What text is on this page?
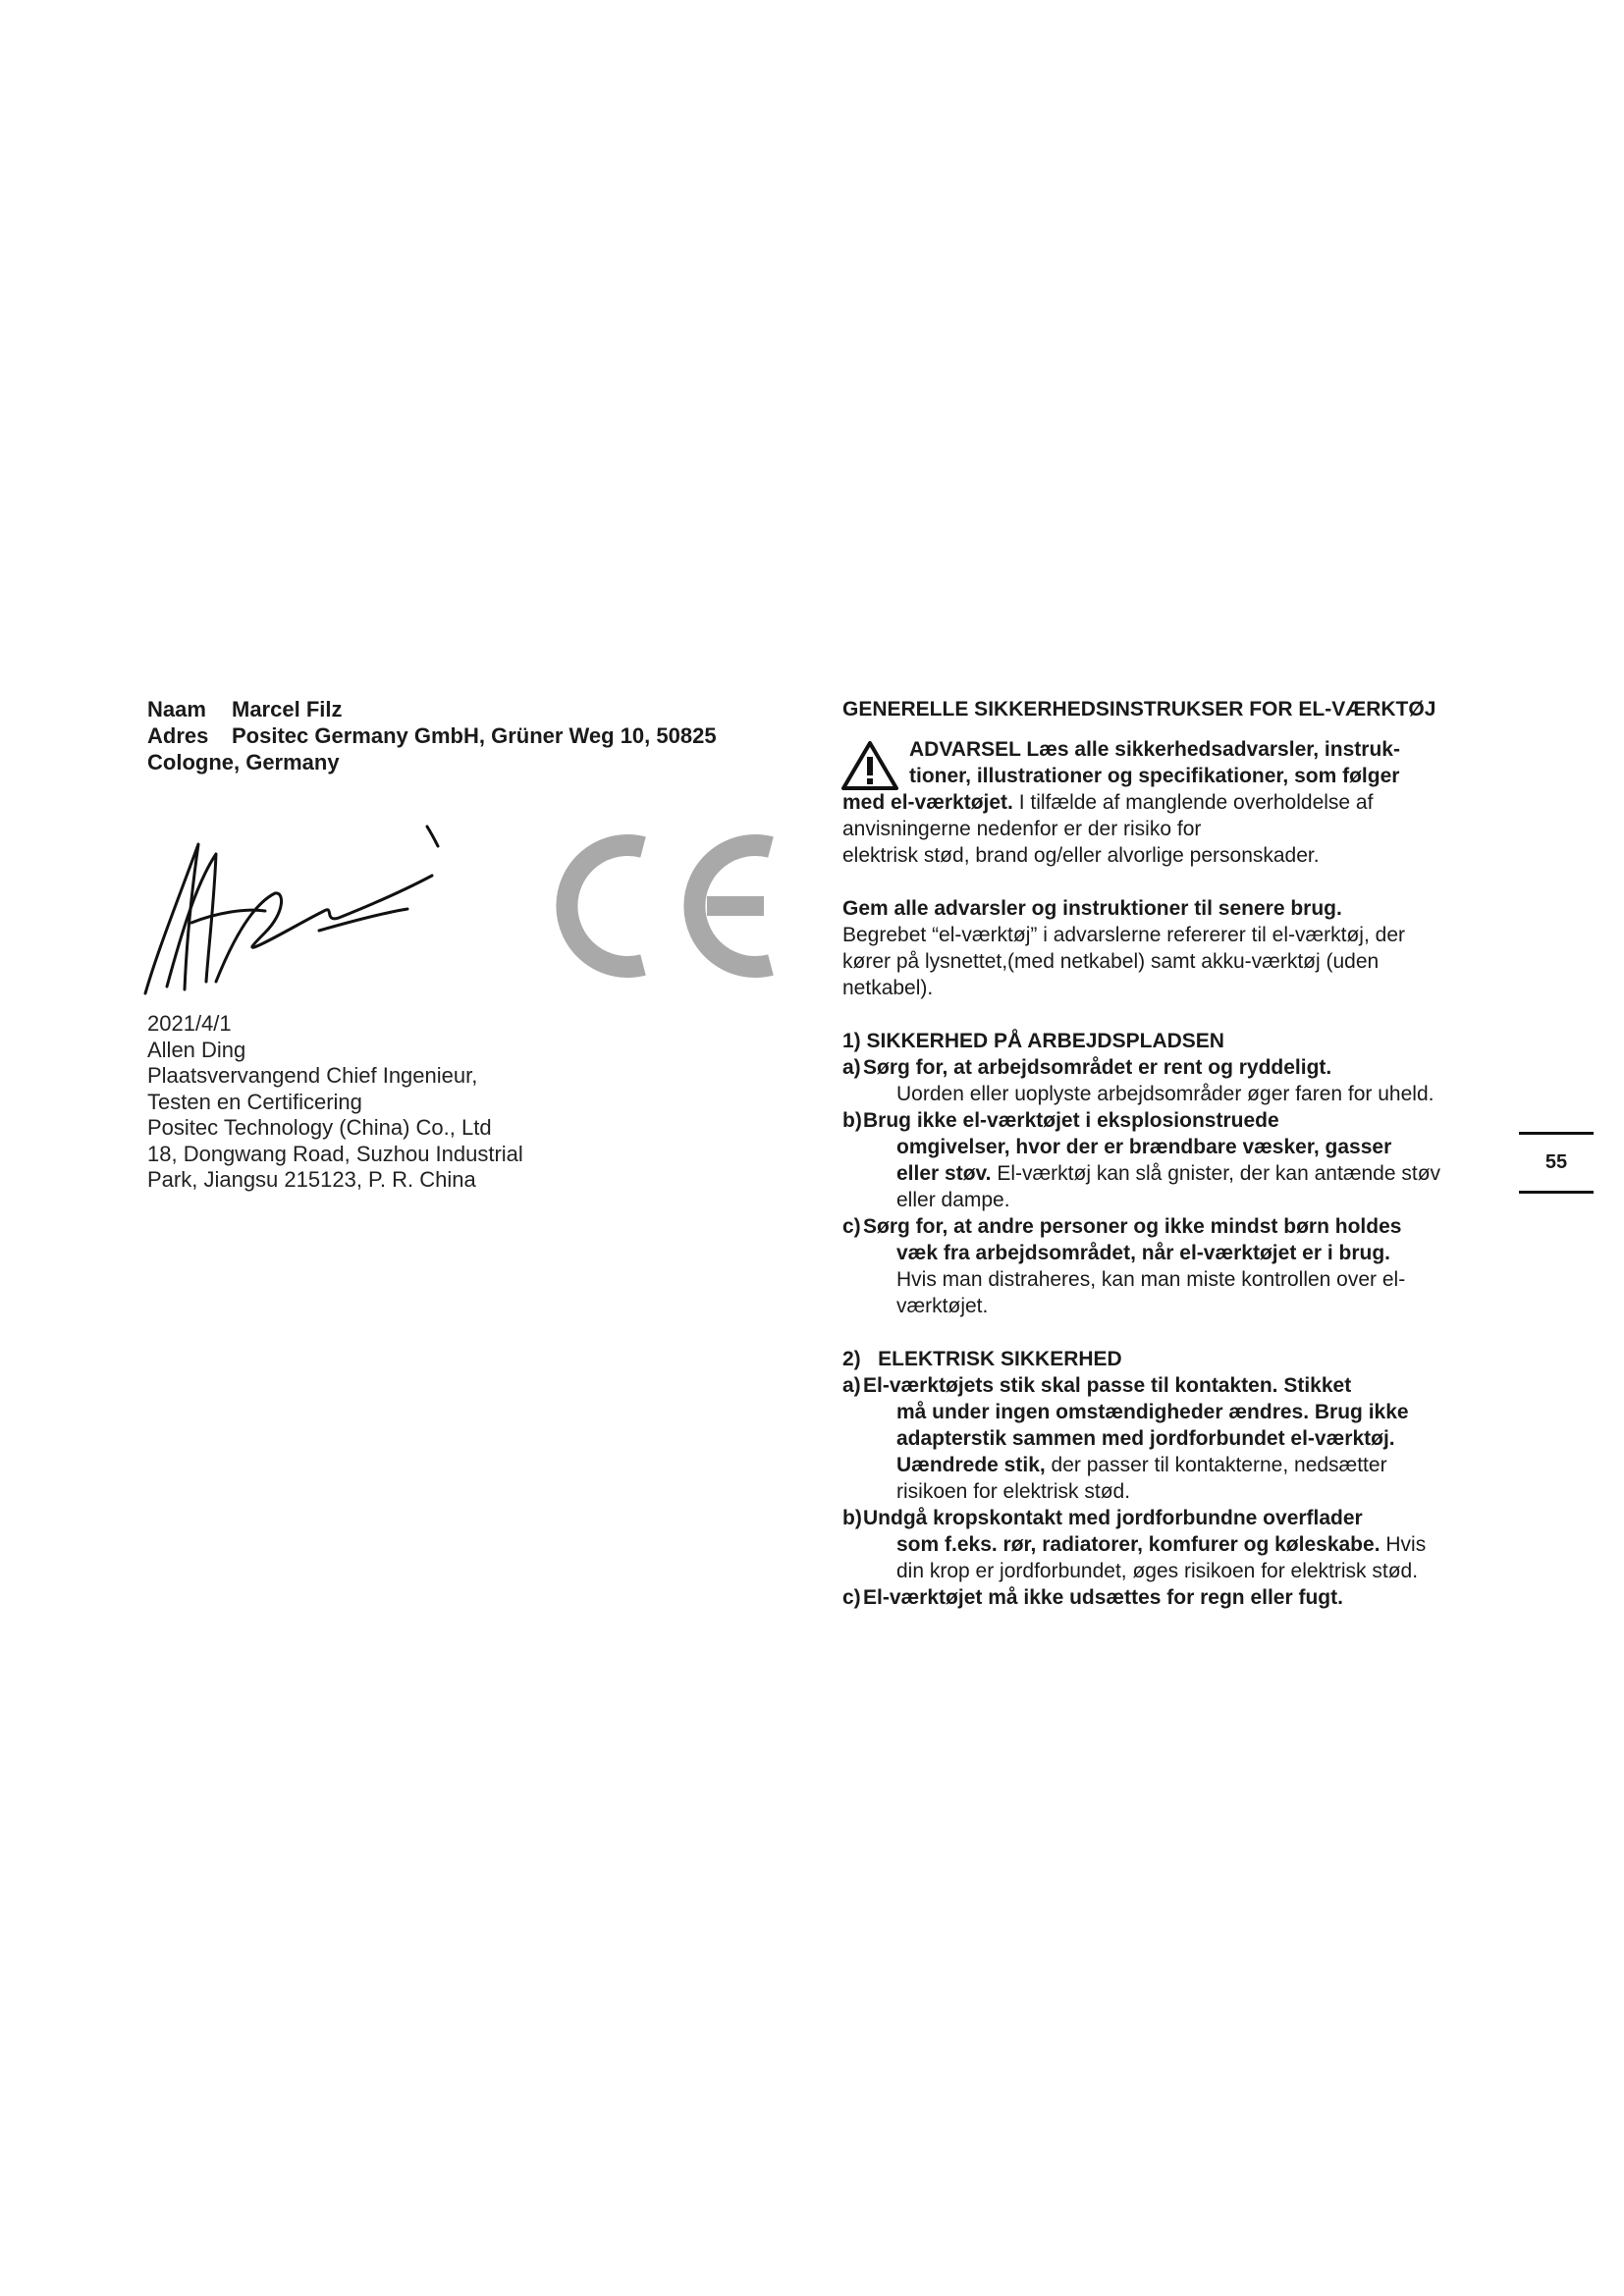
Naam Marcel Filz
Adres Positec Germany GmbH, Grüner Weg 10, 50825
Cologne, Germany
2021/4/1
Allen Ding
Plaatsvervangend Chief Ingenieur,
Testen en Certificering
Positec Technology (China) Co., Ltd
18, Dongwang Road, Suzhou Industrial
Park, Jiangsu 215123, P. R. China
GENERELLE SIKKERHEDSINSTRUKSER FOR EL-VÆRKTØJ
ADVARSEL Læs alle sikkerhedsadvarsler, instruk-
tioner, illustrationer og specifikationer, som følger
med el-værktøjet. I tilfælde af manglende overholdelse af
anvisningerne nedenfor er der risiko for
elektrisk stød, brand og/eller alvorlige personskader.
Gem alle advarsler og instruktioner til senere brug.
Begrebet “el-værktøj” i advarslerne refererer til el-værktøj, der
kører på lysnettet,(med netkabel) samt akku-værktøj (uden
netkabel).
1) SIKKERHED PÅ ARBEJDSPLADSEN
a) Sørg for, at arbejdsområdet er rent og ryddeligt.
Uorden eller uoplyste arbejdsområder øger faren for uheld.
b) Brug ikke el-værktøjet i eksplosionstruede
omgivelser, hvor der er brændbare væsker, gasser
eller støv. El-værktøj kan slå gnister, der kan antænde støv
eller dampe.
c) Sørg for, at andre personer og ikke mindst børn holdes
væk fra arbejdsområdet, når el-værktøjet er i brug.
Hvis man distraheres, kan man miste kontrollen over el-
værktøjet.
2)   ELEKTRISK SIKKERHED
a) El-værktøjets stik skal passe til kontakten. Stikket
må under ingen omstændigheder ændres. Brug ikke
adapterstik sammen med jordforbundet el-værktøj.
Uændrede stik, der passer til kontakterne, nedsætter
risikoen for elektrisk stød.
b) Undgå kropskontakt med jordforbundne overflader
som f.eks. rør, radiatorer, komfurer og køleskabe. Hvis
din krop er jordforbundet, øges risikoen for elektrisk stød.
c) El-værktøjet må ikke udsættes for regn eller fugt.
55
